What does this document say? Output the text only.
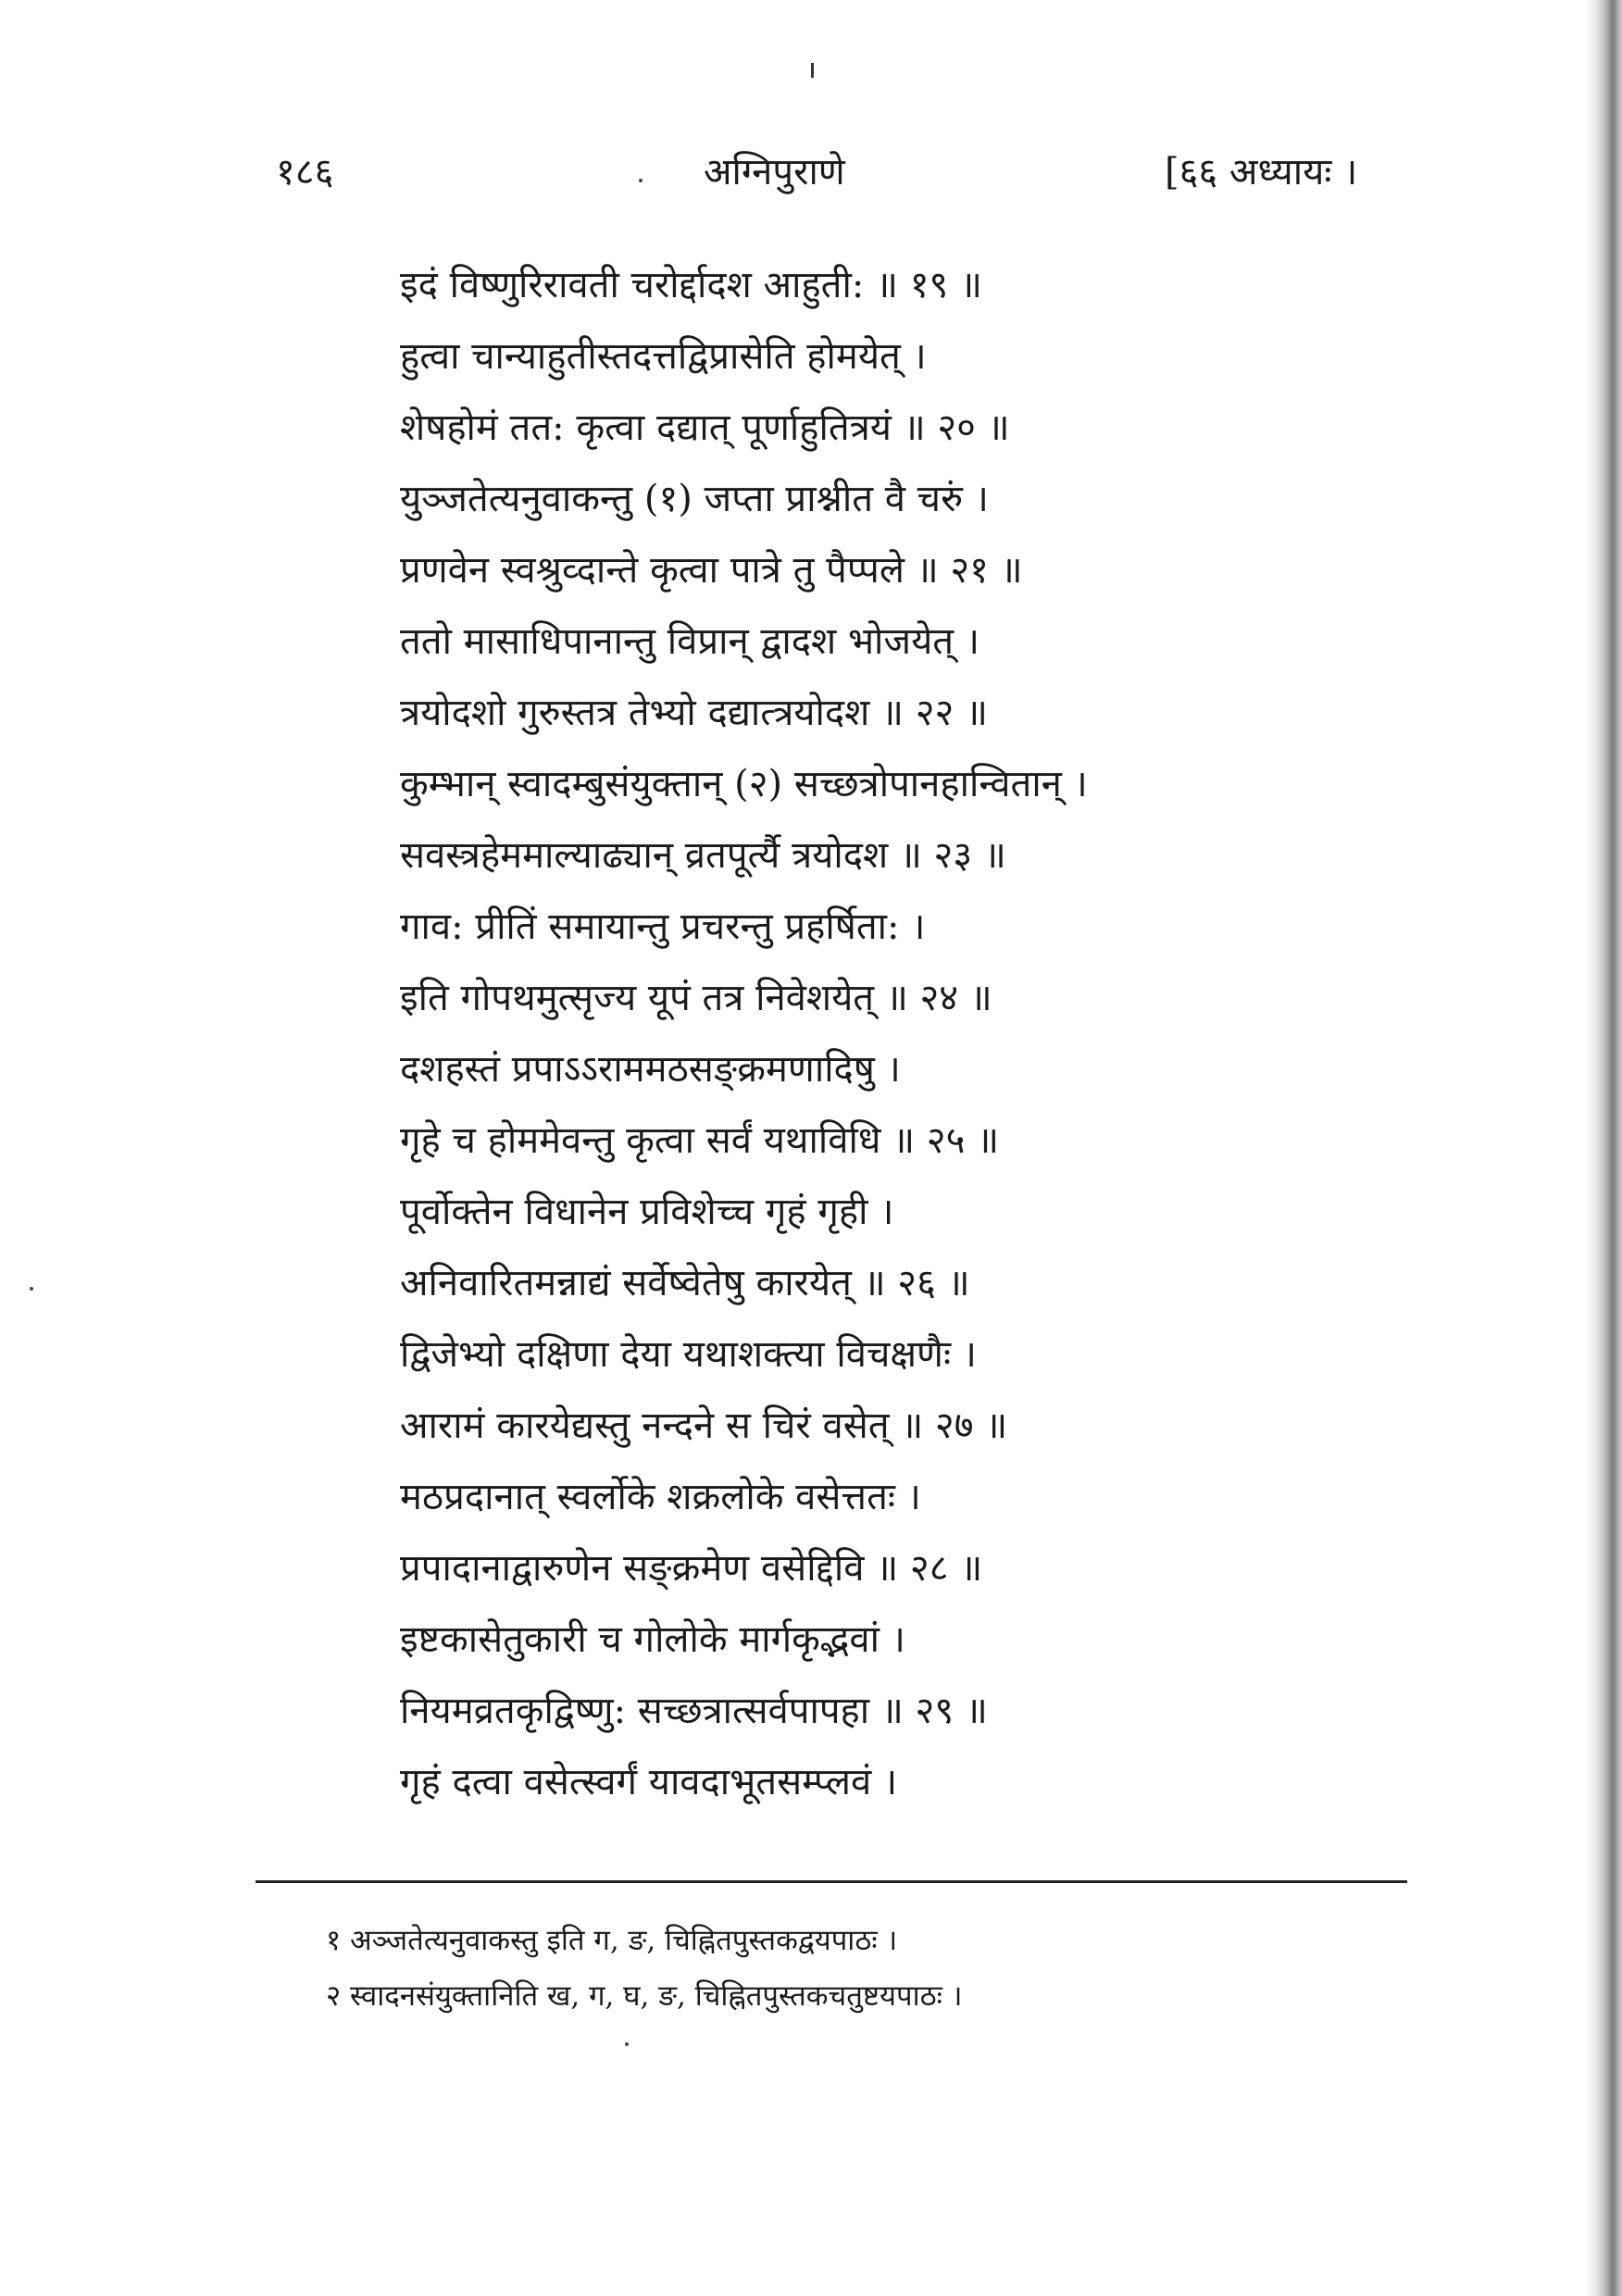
१८६	अग्निपुराणे	[६६ अध्यायः ।
इदं विष्णुरिरावती चरोर्द्दादश आहुती: ॥ १९ ॥
हुत्वा चान्याहुतीस्तदत्तद्विप्रासेति होमयेत् ।
शेषहोमं तत: कृत्वा दद्यात् पूर्णाहुतित्रयं ॥ २० ॥
युञ्जतेत्यनुवाकन्तु (१) जप्ता प्राश्नीत वै चरुं ।
प्रणवेन स्वश्रुव्दान्ते कृत्वा पात्रे तु पैप्पले ॥ २१ ॥
ततो मासाधिपानान्तु विप्रान् द्वादश भोजयेत् ।
त्रयोदशो गुरुस्तत्र तेभ्यो दद्यात्त्रयोदश ॥ २२ ॥
कुम्भान् स्वादम्बुसंयुक्तान् (२) सच्छत्रोपानहान्वितान् ।
सवस्त्रहेममाल्याढ्यान् व्रतपूर्त्यै त्रयोदश ॥ २३ ॥
गाव: प्रीतिं समायान्तु प्रचरन्तु प्रहर्षिता: ।
इति गोपथमुत्सृज्य यूपं तत्र निवेशयेत् ॥ २४ ॥
दशहस्तं प्रपाऽऽराममठसङ्क्रमणादिषु ।
गृहे च होममेवन्तु कृत्वा सर्वं यथाविधि ॥ २५ ॥
पूर्वोक्तेन विधानेन प्रविशेच्च गृहं गृही ।
अनिवारितमन्नाद्यं सर्वेष्वेतेषु कारयेत् ॥ २६ ॥
द्विजेभ्यो दक्षिणा देया यथाशक्त्या विचक्षणैः ।
आरामं कारयेद्यस्तु नन्दने स चिरं वसेत् ॥ २७ ॥
मठप्रदानात् स्वर्लोके शक्रलोके वसेत्ततः ।
प्रपादानाद्वारुणेन सङ्क्रमेण वसेद्दिवि ॥ २८ ॥
इष्टकासेतुकारी च गोलोके मार्गकृद्भवां ।
नियमव्रतकृद्विष्णु: सच्छत्रात्सर्वपापहा ॥ २९ ॥
गृहं दत्वा वसेत्स्वर्गं यावदाभूतसम्प्लवं ।
१ अञ्जतेत्यनुवाकस्तु इति ग, ङ, चिह्नितपुस्तकद्वयपाठः ।
२ स्वादनसंयुक्तानिति ख, ग, घ, ङ, चिह्नितपुस्तकचतुष्टयपाठः ।
